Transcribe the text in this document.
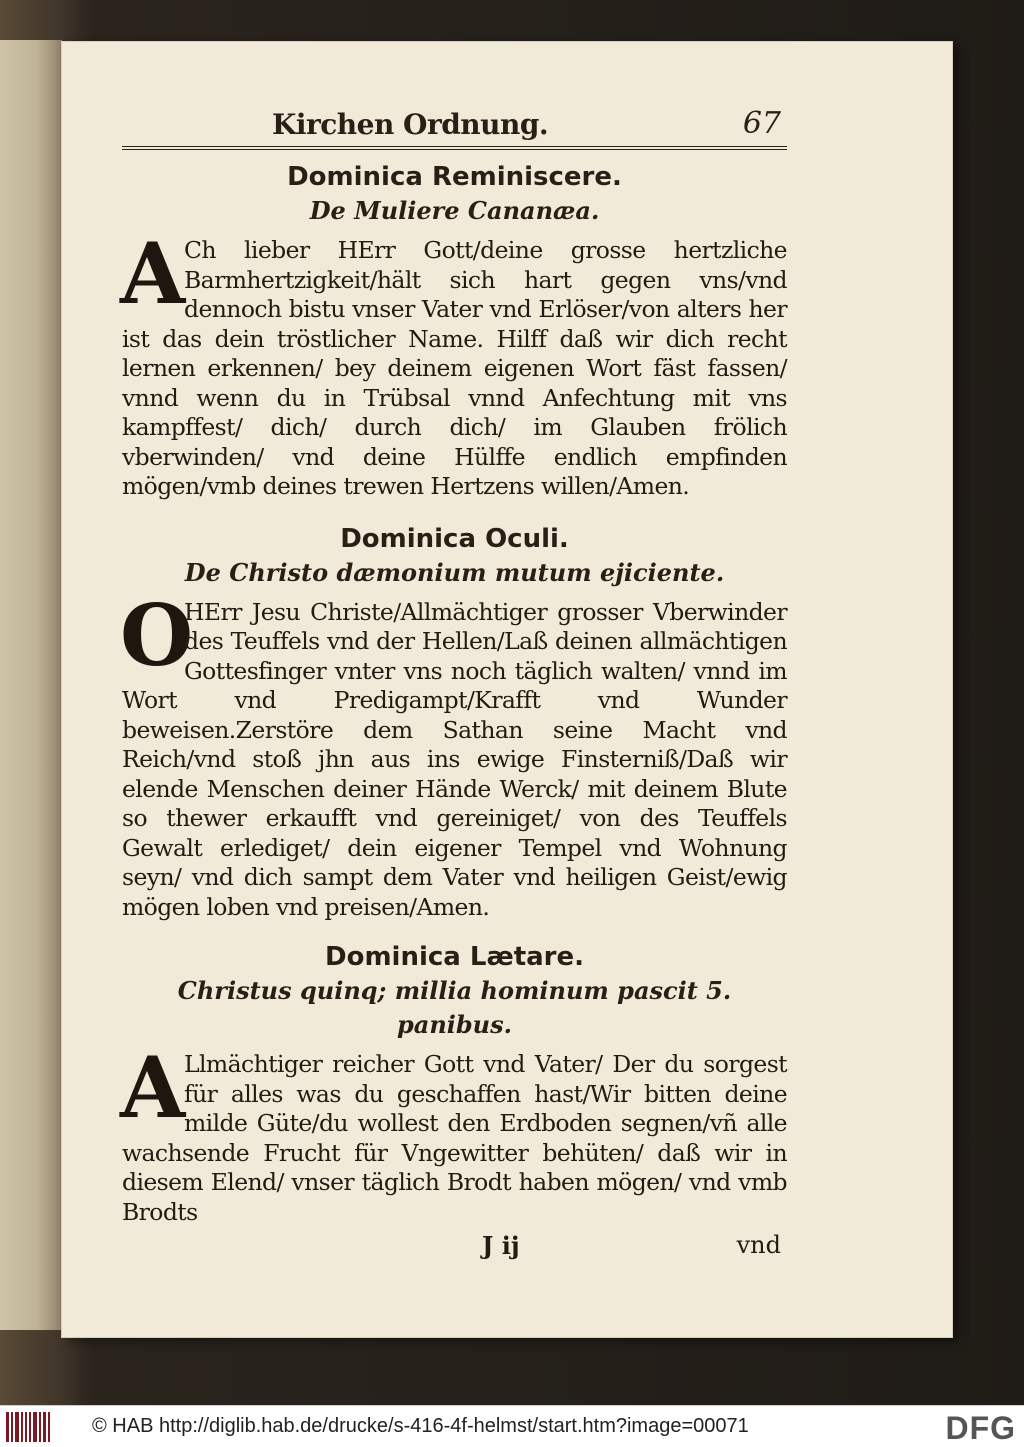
Kirchen Ordnung.	67
Dominica Reminiscere.
De Muliere Cananæa.

A Ch lieber HErr Gott/deine grosse hertzliche Barmhertzigkeit/hält sich hart gegen vns/vnd dennoch bistu vnser Vater vnd Erlöser/von alters her ist das dein tröstlicher Name. Hilff daß wir dich recht lernen erkennen/ bey deinem eigenen Wort fäst fassen/ vnnd wenn du in Trübsal vnnd Anfechtung mit vns kampffest/ dich/ durch dich/ im Glauben frölich vberwinden/ vnd deine Hülffe endlich empfinden mögen/vmb deines trewen Hertzens willen/Amen.

Dominica Oculi.
De Christo dæmonium mutum ejiciente.

O
HErr Jesu Christe/Allmächtiger grosser Vberwinder des Teuffels vnd der Hellen/Laß deinen allmächtigen Gottesfinger vnter vns noch täglich walten/ vnnd im Wort vnd Predigampt/Krafft vnd Wunder beweisen.Zerstöre dem Sathan seine Macht vnd Reich/vnd stoß jhn aus ins ewige Finsterniß/Daß wir elende Menschen deiner Hände Werck/ mit deinem Blute so thewer erkaufft vnd gereiniget/ von des Teuffels Gewalt erlediget/ dein eigener Tempel vnd Wohnung seyn/ vnd dich sampt dem Vater vnd heiligen Geist/ewig mögen loben vnd preisen/Amen.

Dominica Lætare.
Christus quinq; millia hominum pascit 5. panibus.

A Llmächtiger reicher Gott vnd Vater/ Der du sorgest für alles was du geschaffen hast/Wir bitten deine milde Güte/du wollest den Erdboden segnen/vñ alle wachsende Frucht für Vngewitter behüten/ daß wir in diesem Elend/ vnser täglich Brodt haben mögen/ vnd vmb Brodts

J ij	vnd
© HAB http://diglib.hab.de/drucke/s-416-4f-helmst/start.htm?image=00071	DFG
